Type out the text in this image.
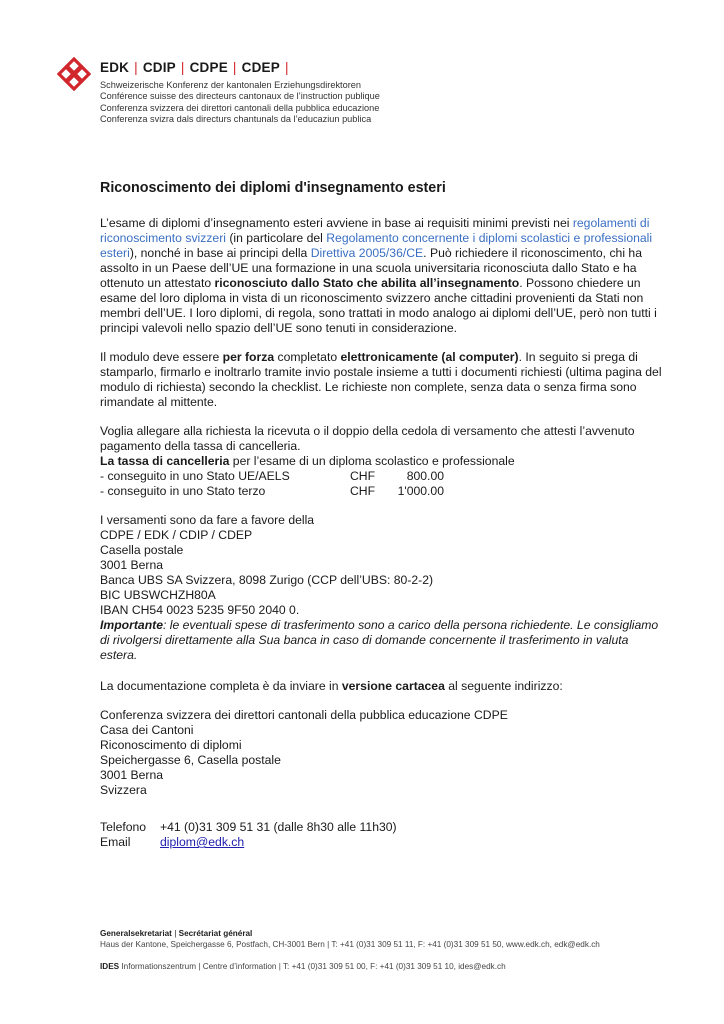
EDK | CDIP | CDPE | CDEP |
Schweizerische Konferenz der kantonalen Erziehungsdirektoren
Conférence suisse des directeurs cantonaux de l’instruction publique
Conferenza svizzera dei direttori cantonali della pubblica educazione
Conferenza svizra dals directurs chantunals da l’educaziun publica
Riconoscimento dei diplomi d'insegnamento esteri

L’esame di diplomi d’insegnamento esteri avviene in base ai requisiti minimi previsti nei regolamenti di riconoscimento svizzeri (in particolare del Regolamento concernente i diplomi scolastici e professionali esteri), nonché in base ai principi della Direttiva 2005/36/CE. Può richiedere il riconoscimento, chi ha assolto in un Paese dell’UE una formazione in una scuola universitaria riconosciuta dallo Stato e ha ottenuto un attestato riconosciuto dallo Stato che abilita all’insegnamento. Possono chiedere un esame del loro diploma in vista di un riconoscimento svizzero anche cittadini provenienti da Stati non membri dell’UE. I loro diplomi, di regola, sono trattati in modo analogo ai diplomi dell’UE, però non tutti i principi valevoli nello spazio dell’UE sono tenuti in considerazione.

Il modulo deve essere per forza completato elettronicamente (al computer). In seguito si prega di stamparlo, firmarlo e inoltrarlo tramite invio postale insieme a tutti i documenti richiesti (ultima pagina del modulo di richiesta) secondo la checklist. Le richieste non complete, senza data o senza firma sono rimandate al mittente.

Voglia allegare alla richiesta la ricevuta o il doppio della cedola di versamento che attesti l’avvenuto pagamento della tassa di cancelleria.

La tassa di cancelleria per l’esame di un diploma scolastico e professionale

- conseguito in uno Stato UE/AELS	CHF	800.00
- conseguito in uno Stato terzo	CHF	1'000.00

I versamenti sono da fare a favore della

CDPE / EDK / CDIP / CDEP

Casella postale

3001 Berna

Banca UBS SA Svizzera, 8098 Zurigo (CCP dell’UBS: 80-2-2)

BIC UBSWCHZH80A

IBAN CH54 0023 5235 9F50 2040 0.

Importante: le eventuali spese di trasferimento sono a carico della persona richiedente. Le consigliamo di rivolgersi direttamente alla Sua banca in caso di domande concernente il trasferimento in valuta estera.

La documentazione completa è da inviare in versione cartacea al seguente indirizzo:

Conferenza svizzera dei direttori cantonali della pubblica educazione CDPE

Casa dei Cantoni

Riconoscimento di diplomi

Speichergasse 6, Casella postale

3001 Berna

Svizzera

Telefono	+41 (0)31 309 51 31 (dalle 8h30 alle 11h30)
Email	diplom@edk.ch
Generalsekretariat | Secrétariat général
Haus der Kantone, Speichergasse 6, Postfach, CH-3001 Bern | T: +41 (0)31 309 51 11, F: +41 (0)31 309 51 50, www.edk.ch, edk@edk.ch
IDES Informationszentrum | Centre d’information | T: +41 (0)31 309 51 00, F: +41 (0)31 309 51 10, ides@edk.ch
